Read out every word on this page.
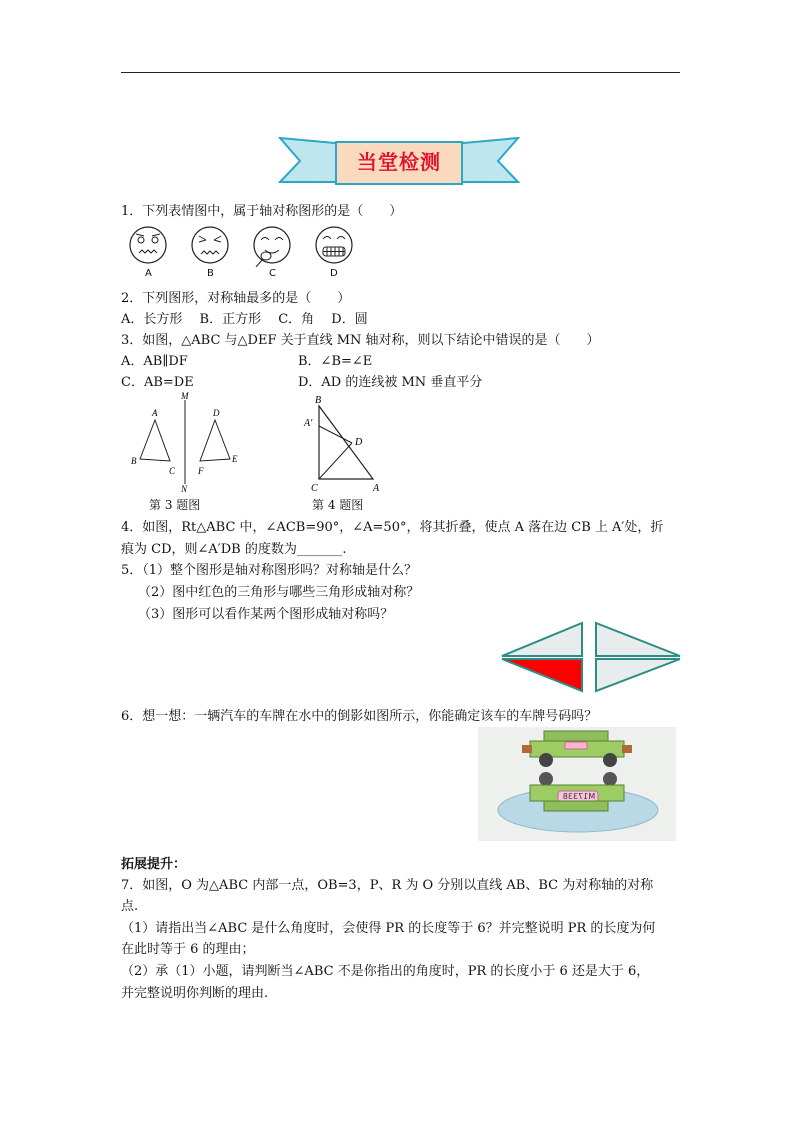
当堂检测
1．下列表情图中，属于轴对称图形的是（　　）
A	B	C	D
2．下列图形，对称轴最多的是（　　）
A．长方形　 B．正方形　 C．角　 D．圆
3．如图，△ABC 与△DEF 关于直线 MN 轴对称，则以下结论中错误的是（　　）
A．AB∥DF	B．∠B=∠E
C．AB=DE	D．AD 的连线被 MN 垂直平分
M
N
A
B
C
D
E
F
第 3 题图
B
A′
D
C	A
第 4 题图
4．如图，Rt△ABC 中，∠ACB=90°，∠A=50°，将其折叠，使点 A 落在边 CB 上 A′处，折
痕为 CD，则∠A′DB 的度数为_______.
5．（1）整个图形是轴对称图形吗？对称轴是什么？
（2）图中红色的三角形与哪些三角形成轴对称？
（3）图形可以看作某两个图形成轴对称吗？
6．想一想：一辆汽车的车牌在水中的倒影如图所示，你能确定该车的车牌号码吗？
M17338
拓展提升：
7．如图，O 为△ABC 内部一点，OB=3，P、R 为 O 分别以直线 AB、BC 为对称轴的对称
点.
（1）请指出当∠ABC 是什么角度时，会使得 PR 的长度等于 6？并完整说明 PR 的长度为何
在此时等于 6 的理由；
（2）承（1）小题，请判断当∠ABC 不是你指出的角度时，PR 的长度小于 6 还是大于 6，
并完整说明你判断的理由.
